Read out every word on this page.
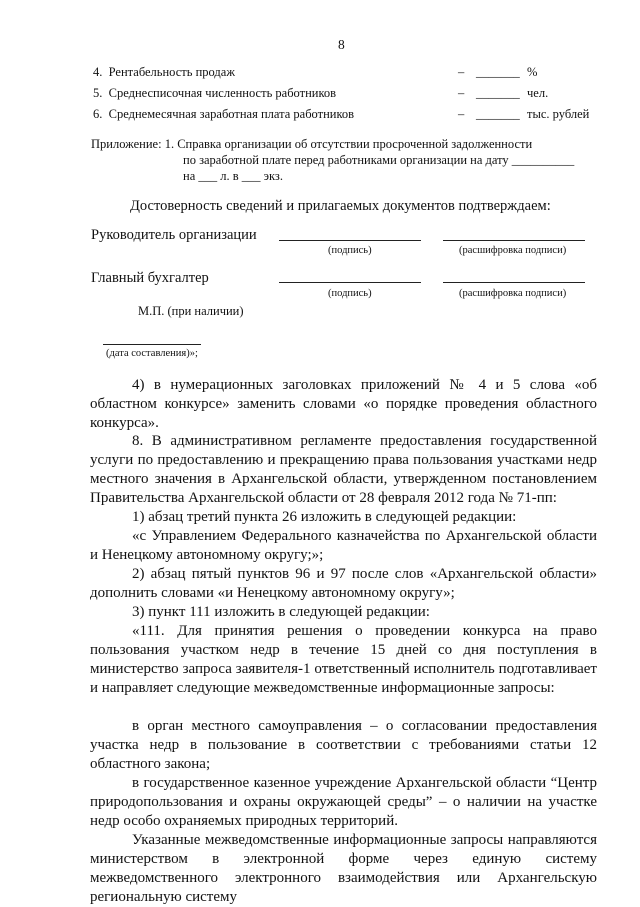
8
4. Рентабельность продаж	– _______ %
5. Среднесписочная численность работников	– _______ чел.
6. Среднемесячная заработная плата работников	– _______ тыс. рублей
Приложение: 1. Справка организации об отсутствии просроченной задолженности
по заработной плате перед работниками организации на дату __________
на ___ л. в ___ экз.
Достоверность сведений и прилагаемых документов подтверждаем:
Руководитель организации
(подпись)	(расшифровка подписи)
Главный бухгалтер
(подпись)	(расшифровка подписи)
М.П. (при наличии)
(дата составления)»;
4) в нумерационных заголовках приложений № 4 и 5 слова «об областном конкурсе» заменить словами «о порядке проведения областного конкурса».
8. В административном регламенте предоставления государственной услуги по предоставлению и прекращению права пользования участками недр местного значения в Архангельской области, утвержденном постановлением Правительства Архангельской области от 28 февраля 2012 года № 71-пп:
1) абзац третий пункта 26 изложить в следующей редакции:
«с Управлением Федерального казначейства по Архангельской области и Ненецкому автономному округу;»;
2) абзац пятый пунктов 96 и 97 после слов «Архангельской области» дополнить словами «и Ненецкому автономному округу»;
3) пункт 111 изложить в следующей редакции:
«111. Для принятия решения о проведении конкурса на право пользования участком недр в течение 15 дней со дня поступления в министерство запроса заявителя-1 ответственный исполнитель подготавливает и направляет следующие межведомственные информационные запросы:
в орган местного самоуправления – о согласовании предоставления участка недр в пользование в соответствии с требованиями статьи 12 областного закона;
в государственное казенное учреждение Архангельской области “Центр природопользования и охраны окружающей среды” – о наличии на участке недр особо охраняемых природных территорий.
Указанные межведомственные информационные запросы направляются министерством в электронной форме через единую систему межведомственного электронного взаимодействия или Архангельскую региональную систему
